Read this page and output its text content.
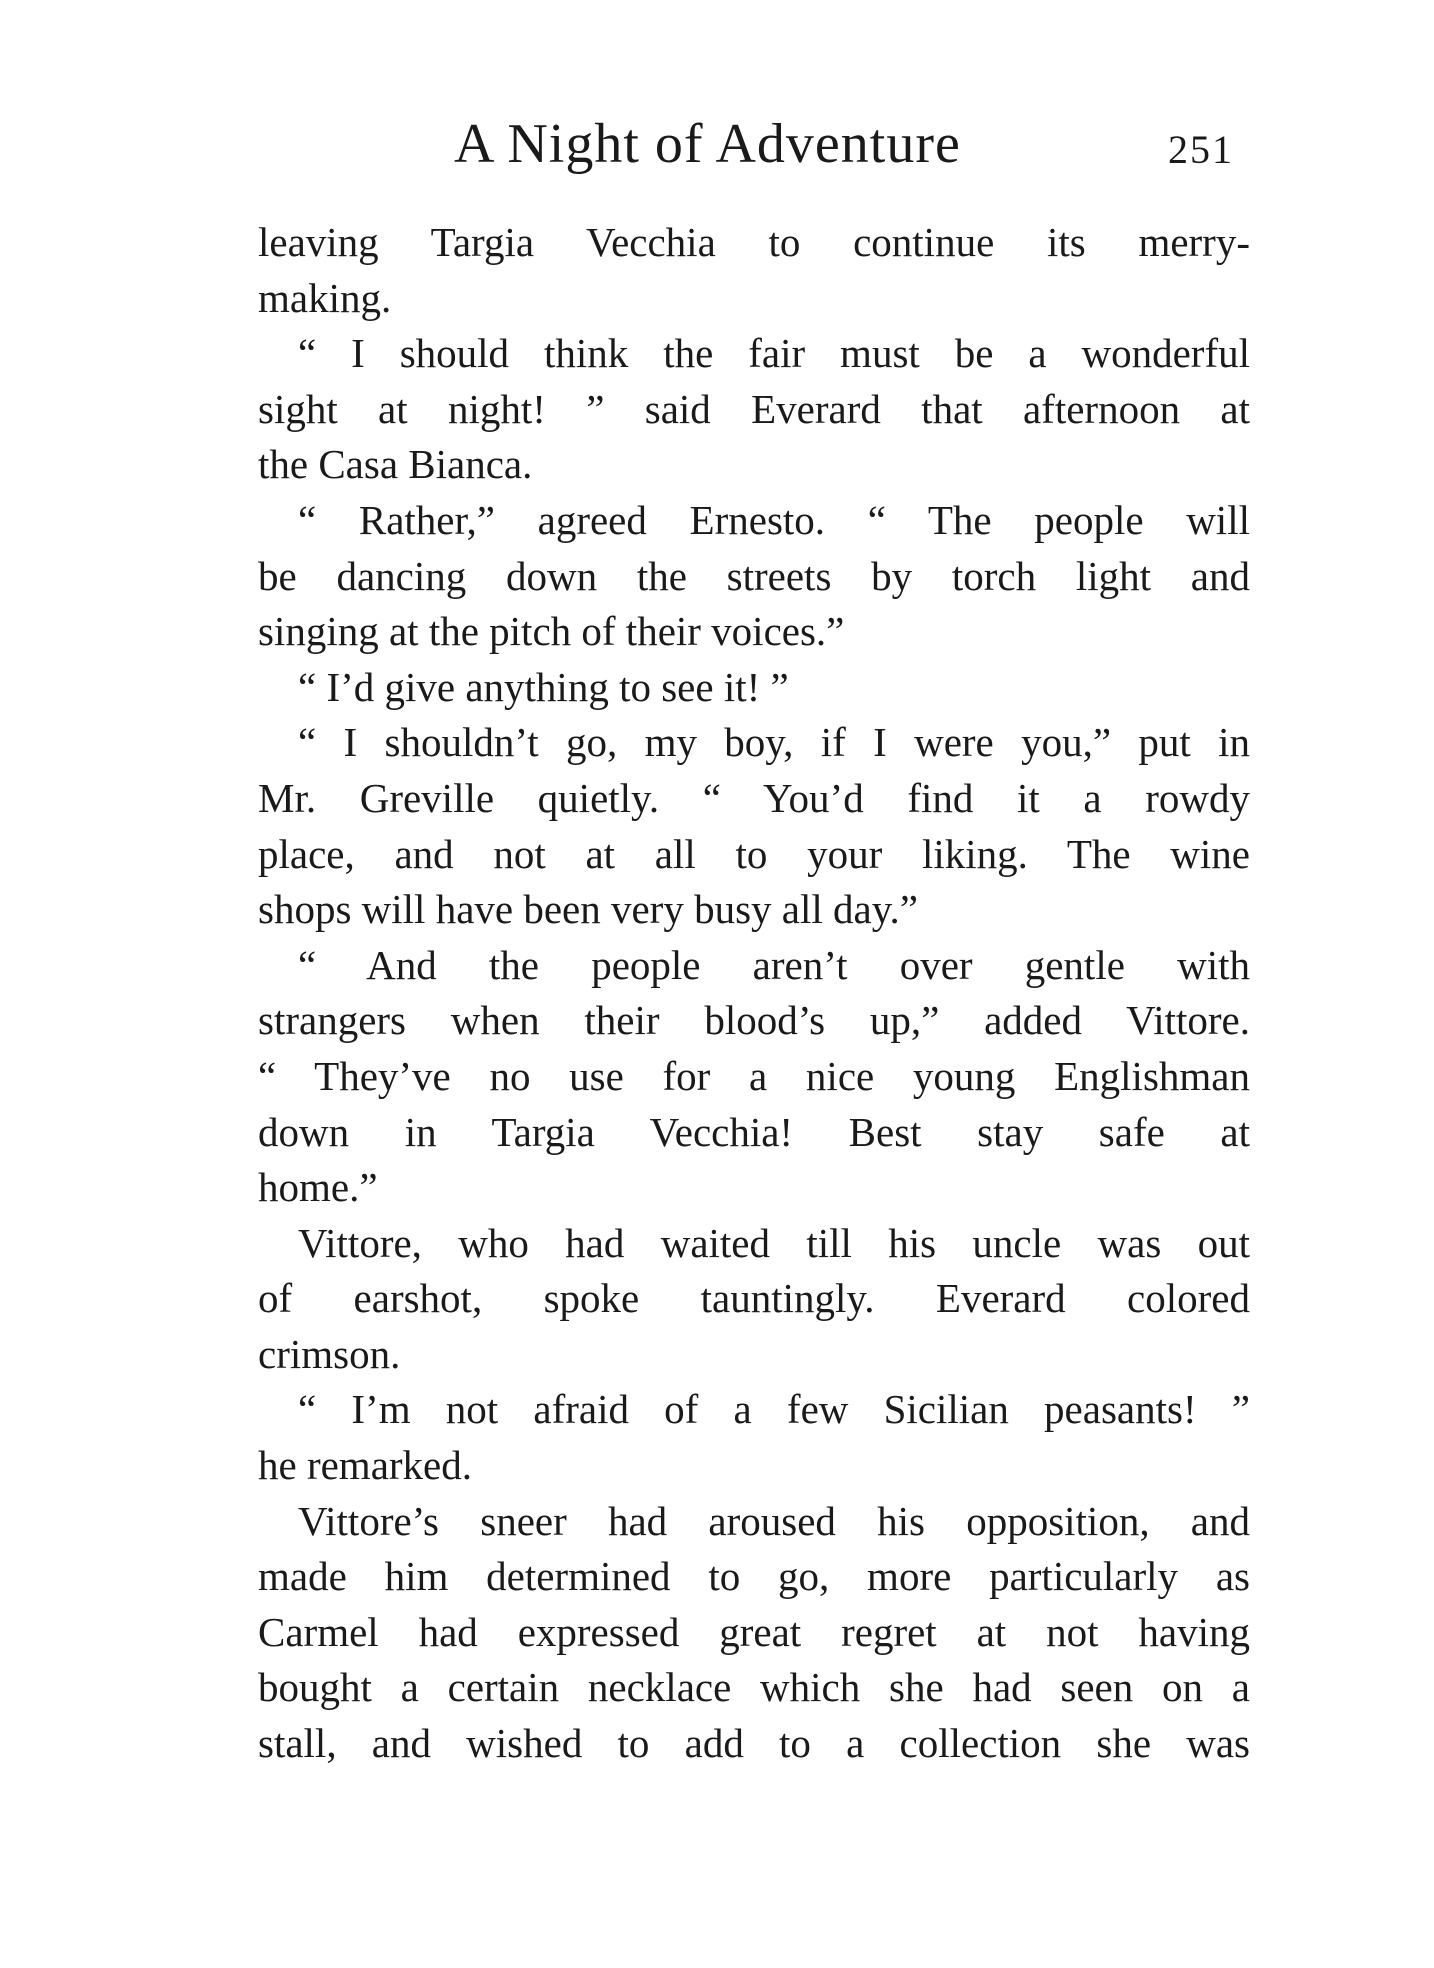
A Night of Adventure	251
leaving Targia Vecchia to continue its merry-
making.
“ I should think the fair must be a wonderful
sight at night! ” said Everard that afternoon at
the Casa Bianca.
“ Rather,” agreed Ernesto. “ The people will
be dancing down the streets by torch light and
singing at the pitch of their voices.”
“ I’d give anything to see it! ”
“ I shouldn’t go, my boy, if I were you,” put in
Mr. Greville quietly. “ You’d find it a rowdy
place, and not at all to your liking. The wine
shops will have been very busy all day.”
“ And the people aren’t over gentle with
strangers when their blood’s up,” added Vittore.
“ They’ve no use for a nice young Englishman
down in Targia Vecchia! Best stay safe at
home.”
Vittore, who had waited till his uncle was out
of earshot, spoke tauntingly. Everard colored
crimson.
“ I’m not afraid of a few Sicilian peasants! ”
he remarked.
Vittore’s sneer had aroused his opposition, and
made him determined to go, more particularly as
Carmel had expressed great regret at not having
bought a certain necklace which she had seen on a
stall, and wished to add to a collection she was
